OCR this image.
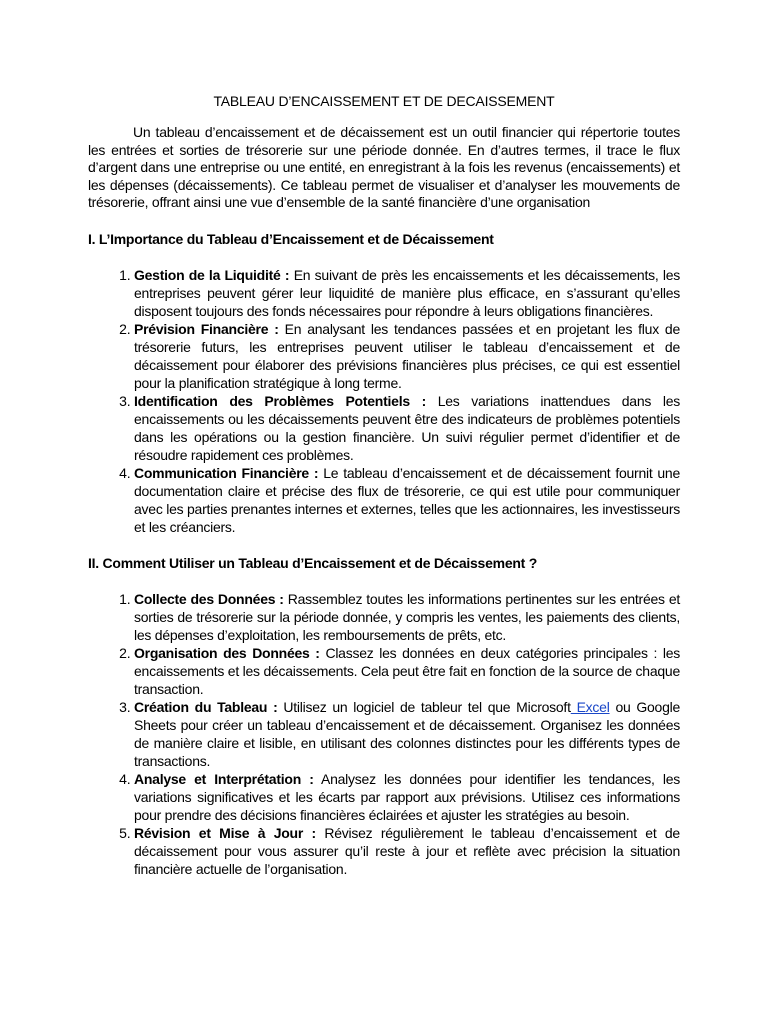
TABLEAU D’ENCAISSEMENT ET DE DECAISSEMENT

Un tableau d’encaissement et de décaissement est un outil financier qui répertorie toutes les entrées et sorties de trésorerie sur une période donnée. En d’autres termes, il trace le flux d’argent dans une entreprise ou une entité, en enregistrant à la fois les revenus (encaissements) et les dépenses (décaissements). Ce tableau permet de visualiser et d’analyser les mouvements de trésorerie, offrant ainsi une vue d’ensemble de la santé financière d’une organisation

I. L’Importance du Tableau d’Encaissement et de Décaissement
1. Gestion de la Liquidité : En suivant de près les encaissements et les décaissements, les entreprises peuvent gérer leur liquidité de manière plus efficace, en s’assurant qu’elles disposent toujours des fonds nécessaires pour répondre à leurs obligations financières.
2. Prévision Financière : En analysant les tendances passées et en projetant les flux de trésorerie futurs, les entreprises peuvent utiliser le tableau d’encaissement et de décaissement pour élaborer des prévisions financières plus précises, ce qui est essentiel pour la planification stratégique à long terme.
3. Identification des Problèmes Potentiels : Les variations inattendues dans les encaissements ou les décaissements peuvent être des indicateurs de problèmes potentiels dans les opérations ou la gestion financière. Un suivi régulier permet d’identifier et de résoudre rapidement ces problèmes.
4. Communication Financière : Le tableau d’encaissement et de décaissement fournit une documentation claire et précise des flux de trésorerie, ce qui est utile pour communiquer avec les parties prenantes internes et externes, telles que les actionnaires, les investisseurs et les créanciers.
II. Comment Utiliser un Tableau d’Encaissement et de Décaissement ?
1. Collecte des Données : Rassemblez toutes les informations pertinentes sur les entrées et sorties de trésorerie sur la période donnée, y compris les ventes, les paiements des clients, les dépenses d’exploitation, les remboursements de prêts, etc.
2. Organisation des Données : Classez les données en deux catégories principales : les encaissements et les décaissements. Cela peut être fait en fonction de la source de chaque transaction.
3. Création du Tableau : Utilisez un logiciel de tableur tel que Microsoft Excel ou Google Sheets pour créer un tableau d’encaissement et de décaissement. Organisez les données de manière claire et lisible, en utilisant des colonnes distinctes pour les différents types de transactions.
4. Analyse et Interprétation : Analysez les données pour identifier les tendances, les variations significatives et les écarts par rapport aux prévisions. Utilisez ces informations pour prendre des décisions financières éclairées et ajuster les stratégies au besoin.
5. Révision et Mise à Jour : Révisez régulièrement le tableau d’encaissement et de décaissement pour vous assurer qu’il reste à jour et reflète avec précision la situation financière actuelle de l’organisation.
